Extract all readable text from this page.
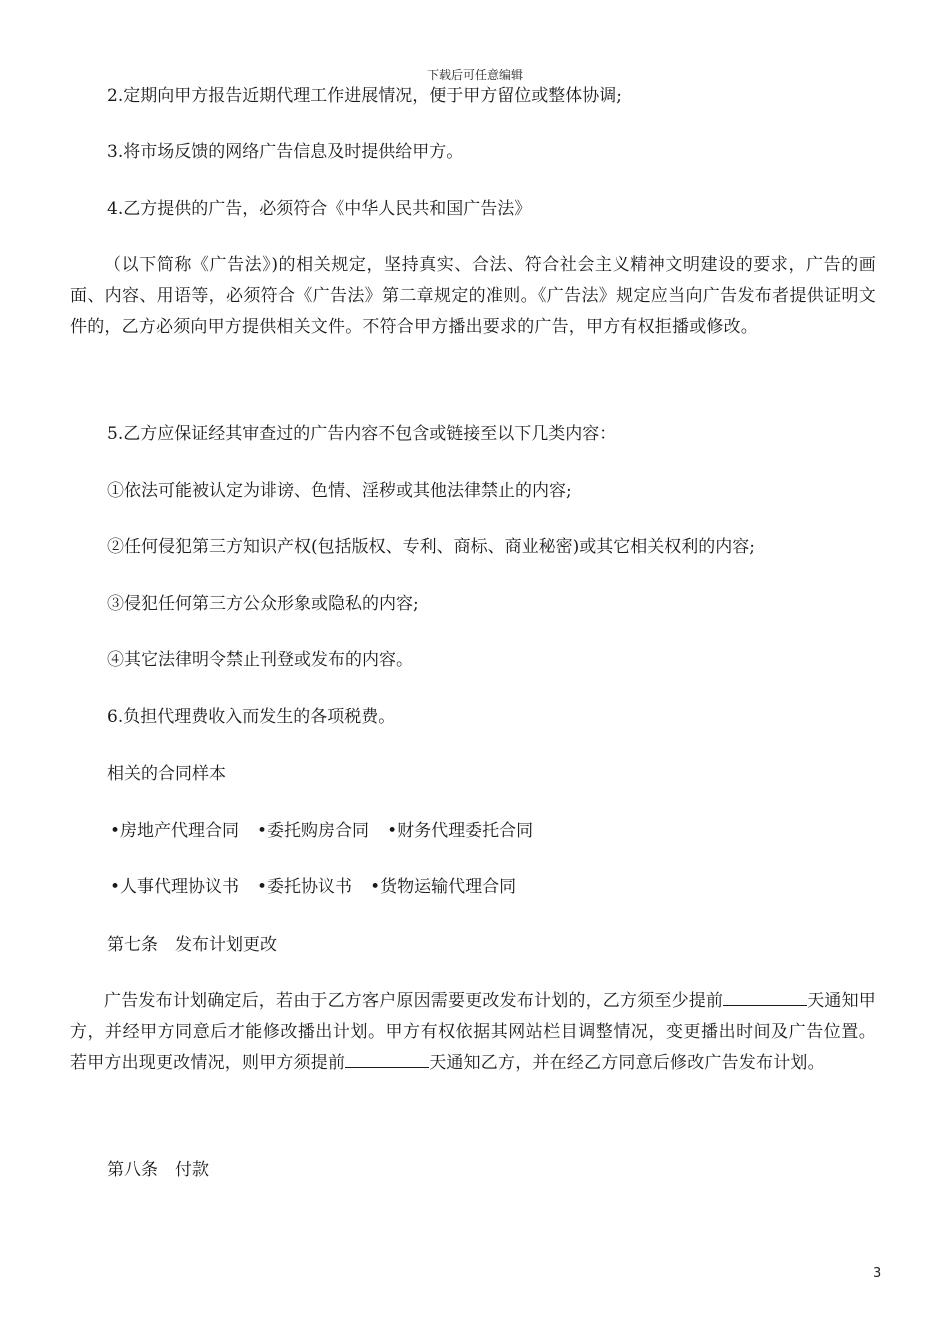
下载后可任意编辑
2.定期向甲方报告近期代理工作进展情况，便于甲方留位或整体协调;
3.将市场反馈的网络广告信息及时提供给甲方。
4.乙方提供的广告，必须符合《中华人民共和国广告法》
（以下简称《广告法》)的相关规定，坚持真实、合法、符合社会主义精神文明建设的要求，广告的画面、内容、用语等，必须符合《广告法》第二章规定的准则。《广告法》规定应当向广告发布者提供证明文件的，乙方必须向甲方提供相关文件。不符合甲方播出要求的广告，甲方有权拒播或修改。
5.乙方应保证经其审查过的广告内容不包含或链接至以下几类内容：
①依法可能被认定为诽谤、色情、淫秽或其他法律禁止的内容;
②任何侵犯第三方知识产权(包括版权、专利、商标、商业秘密)或其它相关权利的内容;
③侵犯任何第三方公众形象或隐私的内容;
④其它法律明令禁止刊登或发布的内容。
6.负担代理费收入而发生的各项税费。
相关的合同样本
•房地产代理合同 •委托购房合同 •财务代理委托合同
•人事代理协议书 •委托协议书 •货物运输代理合同
第七条　发布计划更改
广告发布计划确定后，若由于乙方客户原因需要更改发布计划的，乙方须至少提前	天通知甲方，并经甲方同意后才能修改播出计划。甲方有权依据其网站栏目调整情况，变更播出时间及广告位置。若甲方出现更改情况，则甲方须提前	天通知乙方，并在经乙方同意后修改广告发布计划。
第八条　付款
3
